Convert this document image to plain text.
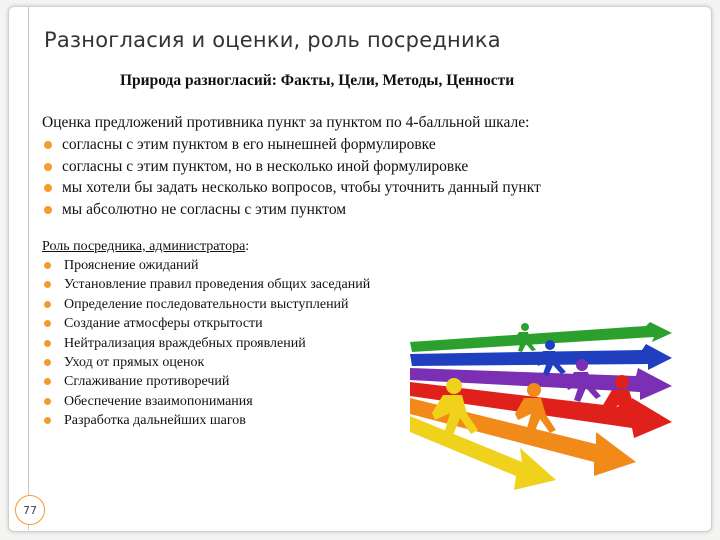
Разногласия и оценки, роль посредника
Природа разногласий: Факты, Цели, Методы, Ценности
Оценка предложений противника пункт за пунктом по 4-балльной шкале:
согласны с этим пунктом в его нынешней формулировке
согласны с этим пунктом, но в несколько иной формулировке
мы хотели бы задать несколько вопросов, чтобы уточнить данный пункт
мы абсолютно не согласны с этим пунктом
Роль посредника, администратора:
Прояснение ожиданий
Установление правил проведения общих заседаний
Определение последовательности выступлений
Создание атмосферы открытости
Нейтрализация враждебных проявлений
Уход от прямых оценок
Сглаживание противоречий
Обеспечение взаимопонимания
Разработка дальнейших шагов
77
